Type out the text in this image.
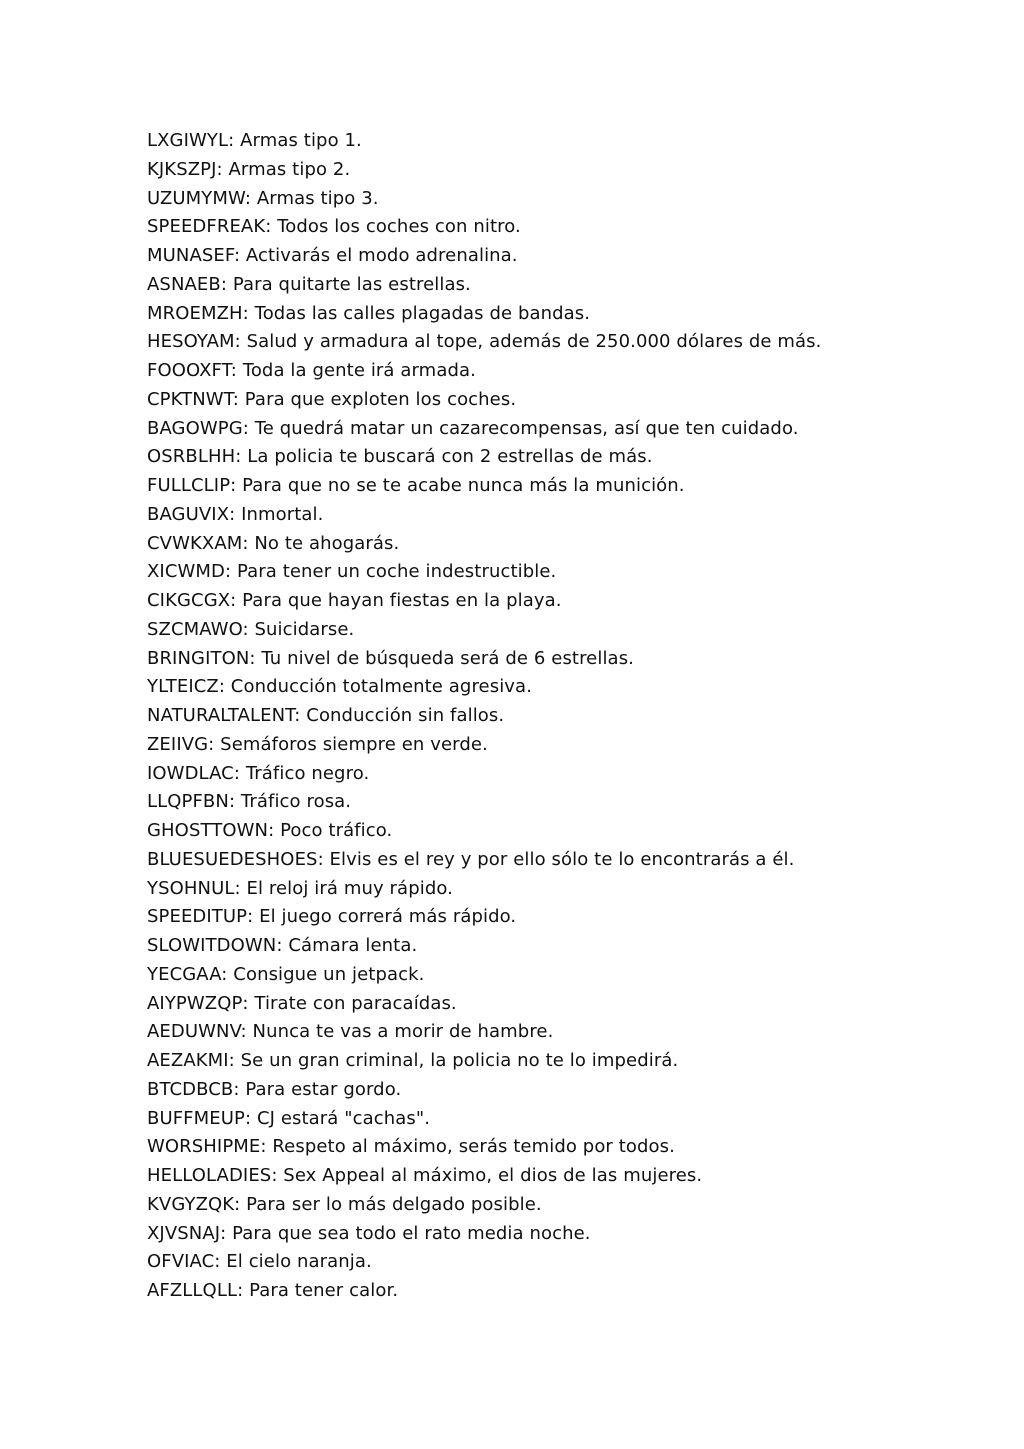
LXGIWYL: Armas tipo 1.
KJKSZPJ: Armas tipo 2.
UZUMYMW: Armas tipo 3.
SPEEDFREAK: Todos los coches con nitro.
MUNASEF: Activarás el modo adrenalina.
ASNAEB: Para quitarte las estrellas.
MROEMZH: Todas las calles plagadas de bandas.
HESOYAM: Salud y armadura al tope, además de 250.000 dólares de más.
FOOOXFT: Toda la gente irá armada.
CPKTNWT: Para que exploten los coches.
BAGOWPG: Te quedrá matar un cazarecompensas, así que ten cuidado.
OSRBLHH: La policia te buscará con 2 estrellas de más.
FULLCLIP: Para que no se te acabe nunca más la munición.
BAGUVIX: Inmortal.
CVWKXAM: No te ahogarás.
XICWMD: Para tener un coche indestructible.
CIKGCGX: Para que hayan fiestas en la playa.
SZCMAWO: Suicidarse.
BRINGITON: Tu nivel de búsqueda será de 6 estrellas.
YLTEICZ: Conducción totalmente agresiva.
NATURALTALENT: Conducción sin fallos.
ZEIIVG: Semáforos siempre en verde.
IOWDLAC: Tráfico negro.
LLQPFBN: Tráfico rosa.
GHOSTTOWN: Poco tráfico.
BLUESUEDESHOES: Elvis es el rey y por ello sólo te lo encontrarás a él.
YSOHNUL: El reloj irá muy rápido.
SPEEDITUP: El juego correrá más rápido.
SLOWITDOWN: Cámara lenta.
YECGAA: Consigue un jetpack.
AIYPWZQP: Tirate con paracaídas.
AEDUWNV: Nunca te vas a morir de hambre.
AEZAKMI: Se un gran criminal, la policia no te lo impedirá.
BTCDBCB: Para estar gordo.
BUFFMEUP: CJ estará "cachas".
WORSHIPME: Respeto al máximo, serás temido por todos.
HELLOLADIES: Sex Appeal al máximo, el dios de las mujeres.
KVGYZQK: Para ser lo más delgado posible.
XJVSNAJ: Para que sea todo el rato media noche.
OFVIAC: El cielo naranja.
AFZLLQLL: Para tener calor.
